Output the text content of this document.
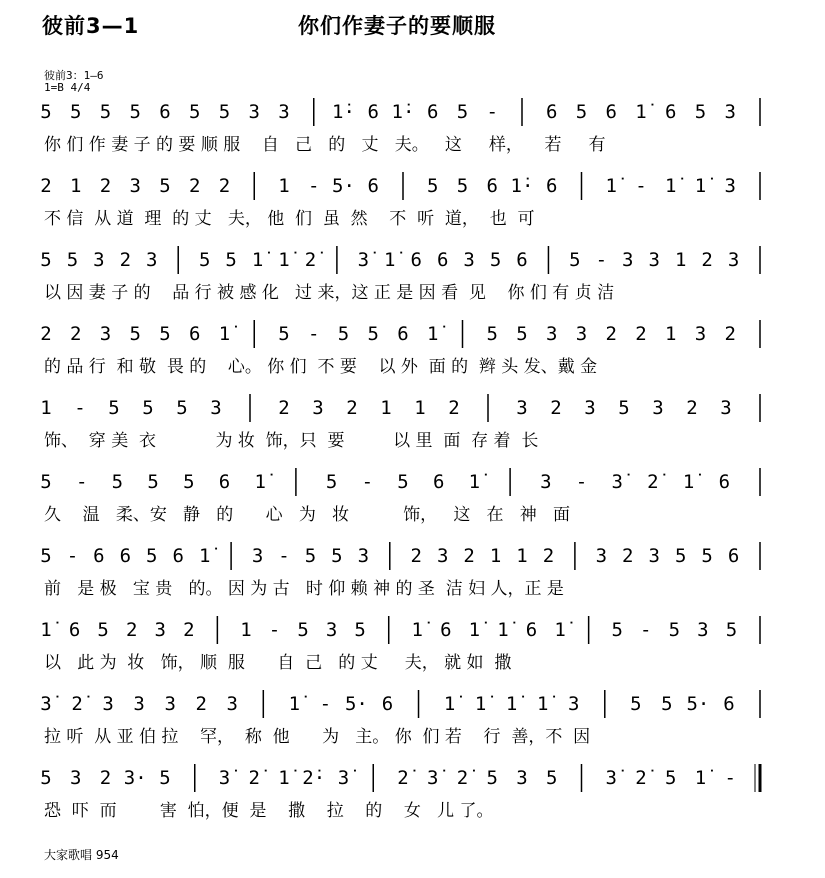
彼前3—1	你们作妻子的要顺服
彼前3：1—6
1=B 4/4
5 5 5 5 6 5 5 3 3 1̇· 6 1̇· 6 5 -	6 5 6 1̇ 6 5 3
你 们 作 妻 子 的 要 顺 服    自   己   的   丈   夫。   这     样，    若     有
2 1 2 3 5 2 2	1 - 5· 6	5 5 6 1̇· 6	1̇ - 1̇ 1̇ 3
不 信  从 道  理  的 丈   夫， 他  们  虽  然    不  听  道，  也  可
5 5 3 2 3 5 5 1̇ 1̇ 2̇	3̇ 1̇ 6 6 3 5 6 5 - 3 3 1 2 3
以 因 妻 子 的    品 行 被 感 化   过 来，这 正 是 因 看  见    你 们 有 贞 洁
2 2 3 5 5 6 1̇	5 - 5 5 6 1̇	5 5 3 3 2 2 1 3 2
的 品 行  和 敬  畏 的    心。 你 们  不 要    以 外  面 的  辫 头 发、戴 金
1 - 5 5 5 3	2 3 2 1 1 2	3 2 3 5 3 2 3
饰、  穿 美  衣           为 妆  饰，只  要         以 里  面  存 着  长
5 - 5 5 5 6 1̇	5 - 5 6 1̇	3 - 3̇	2̇	1̇	6
久    温   柔、安   静   的      心   为   妆          饰，   这   在   神   面
5 - 6 6 5 6 1̇	3 - 5 5 3 2 3 2 1 1 2 3 2 3 5 5 6
前   是 极   宝 贵   的。 因 为 古   时 仰 赖 神 的 圣  洁 妇 人，正 是
1̇ 6 5 2 3 2 1 - 5 3 5 1̇ 6 1̇ 1̇ 6 1̇	5 - 5 3 5
以   此 为  妆   饰， 顺  服      自  己   的 丈     夫， 就 如  撒
3̇	2̇	3 3 3 2 3	1̇	- 5· 6	1̇	1̇	1̇	1̇	3	5 5 5· 6
拉 听  从 亚 伯 拉    罕，  称  他      为   主。 你  们 若    行  善，不  因
5 3 2 3· 5	3̇ 2̇ 1̇ 2̇· 3̇	2̇ 3̇ 2̇ 5 3 5	3̇ 2̇ 5 1̇ -
恐  吓  而        害  怕，便  是    撒    拉    的    女   儿 了。
大家歌唱 954
